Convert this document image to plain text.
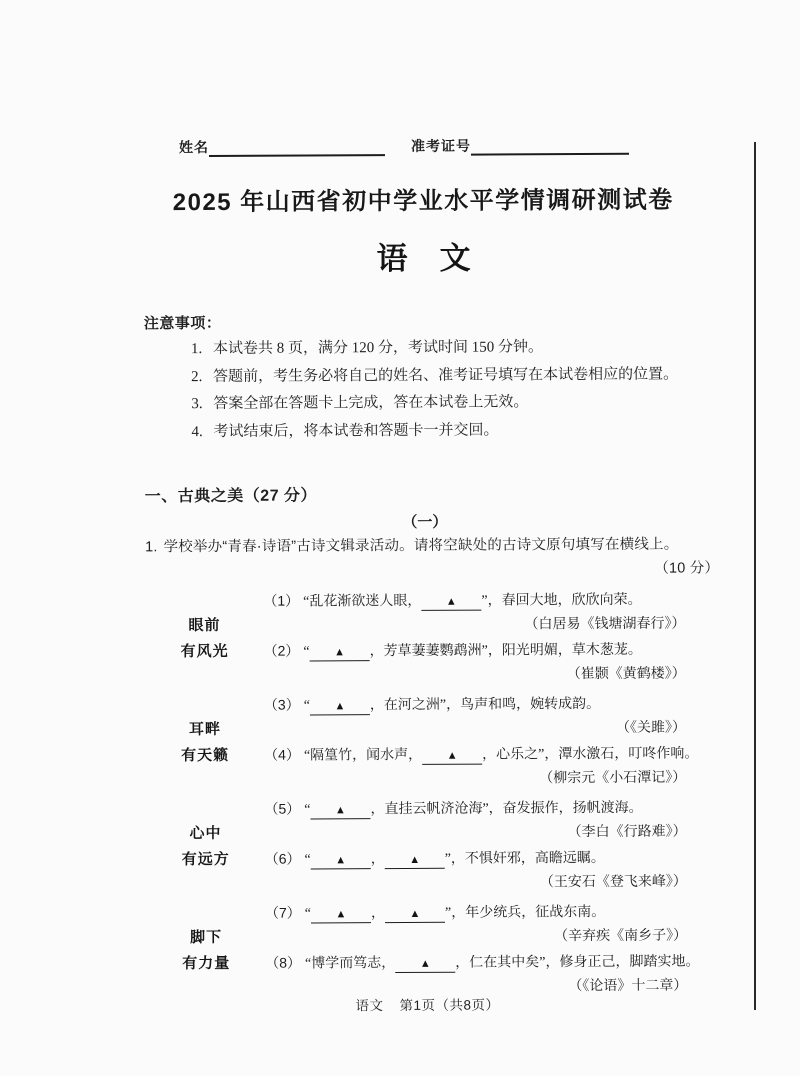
姓名	准考证号
2025 年山西省初中学业水平学情调研测试卷
语 文
注意事项：
1. 本试卷共 8 页，满分 120 分，考试时间 150 分钟。
2. 答题前，考生务必将自己的姓名、准考证号填写在本试卷相应的位置。
3. 答案全部在答题卡上完成，答在本试卷上无效。
4. 考试结束后，将本试卷和答题卡一并交回。
一、古典之美（27 分）
（一）
1. 学校举办“青春·诗语”古诗文辑录活动。请将空缺处的古诗文原句填写在横线上。
（10 分）
眼前
有风光
（1） “乱花渐欲迷人眼， ▲ ”，春回大地，欣欣向荣。
（白居易《钱塘湖春行》）
（2） “ ▲ ，芳草萋萋鹦鹉洲”，阳光明媚，草木葱茏。
（崔颢《黄鹤楼》）
耳畔
有天籁
（3） “ ▲ ，在河之洲”，鸟声和鸣，婉转成韵。
（《关雎》）
（4） “隔篁竹，闻水声， ▲ ，心乐之”，潭水激石，叮咚作响。
（柳宗元《小石潭记》）
心中
有远方
（5） “ ▲ ，直挂云帆济沧海”，奋发振作，扬帆渡海。
（李白《行路难》）
（6） “ ▲ ， ▲ ”，不惧奸邪，高瞻远瞩。
（王安石《登飞来峰》）
脚下
有力量
（7） “ ▲ ， ▲ ”，年少统兵，征战东南。
（辛弃疾《南乡子》）
（8） “博学而笃志， ▲ ，仁在其中矣”，修身正己，脚踏实地。
（《论语》十二章）
语文 第1页（共8页）
